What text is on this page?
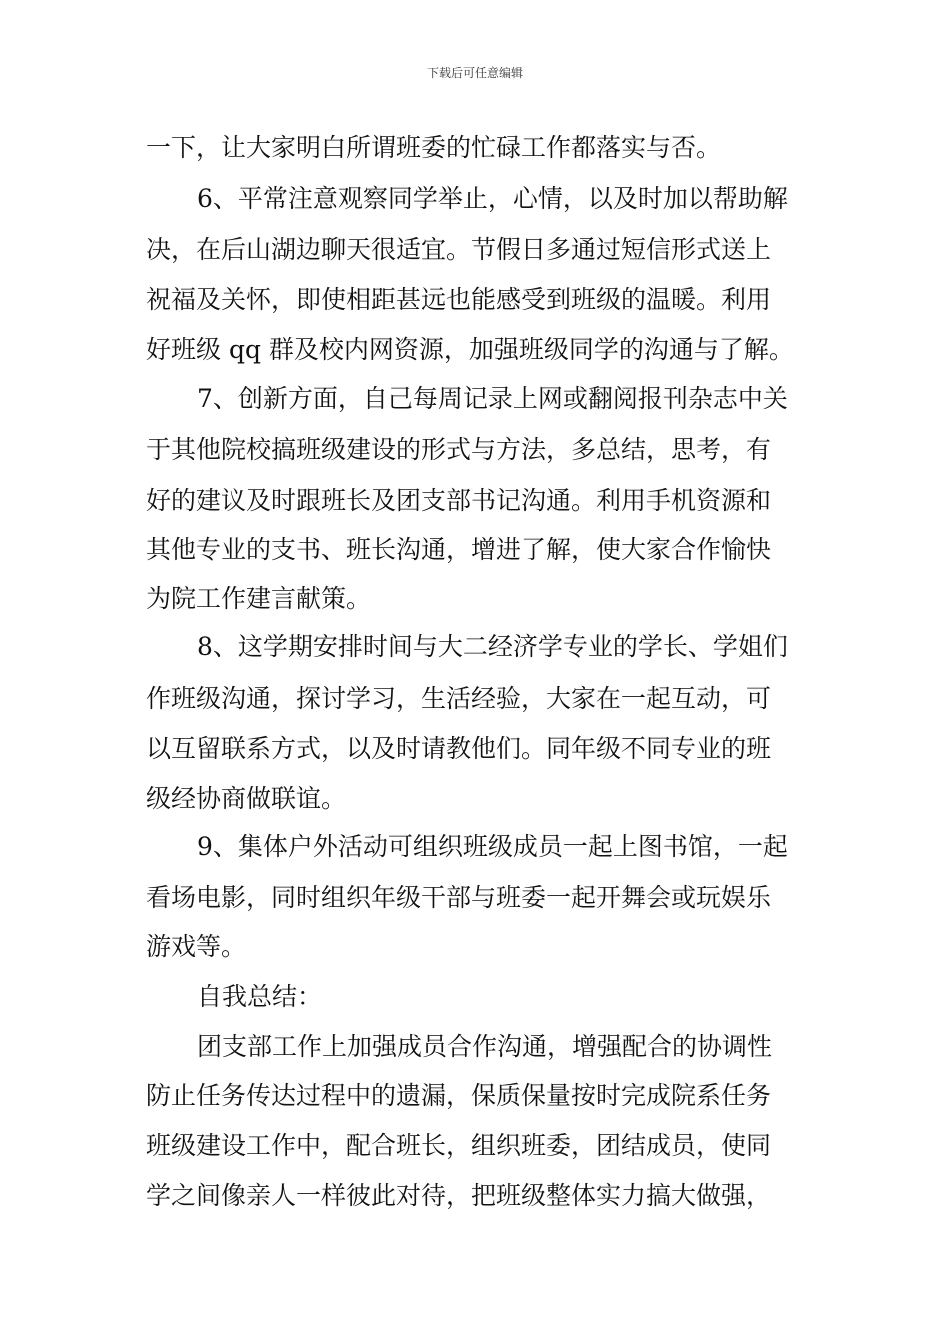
下载后可任意编辑
一下，让大家明白所谓班委的忙碌工作都落实与否。
6、平常注意观察同学举止，心情，以及时加以帮助解
决，在后山湖边聊天很适宜。节假日多通过短信形式送上
祝福及关怀，即使相距甚远也能感受到班级的温暖。利用
好班级 qq 群及校内网资源，加强班级同学的沟通与了解。
7、创新方面，自己每周记录上网或翻阅报刊杂志中关
于其他院校搞班级建设的形式与方法，多总结，思考，有
好的建议及时跟班长及团支部书记沟通。利用手机资源和
其他专业的支书、班长沟通，增进了解，使大家合作愉快
为院工作建言献策。
8、这学期安排时间与大二经济学专业的学长、学姐们
作班级沟通，探讨学习，生活经验，大家在一起互动，可
以互留联系方式，以及时请教他们。同年级不同专业的班
级经协商做联谊。
9、集体户外活动可组织班级成员一起上图书馆，一起
看场电影，同时组织年级干部与班委一起开舞会或玩娱乐
游戏等。
自我总结：
团支部工作上加强成员合作沟通，增强配合的协调性
防止任务传达过程中的遗漏，保质保量按时完成院系任务
班级建设工作中，配合班长，组织班委，团结成员，使同
学之间像亲人一样彼此对待，把班级整体实力搞大做强，
